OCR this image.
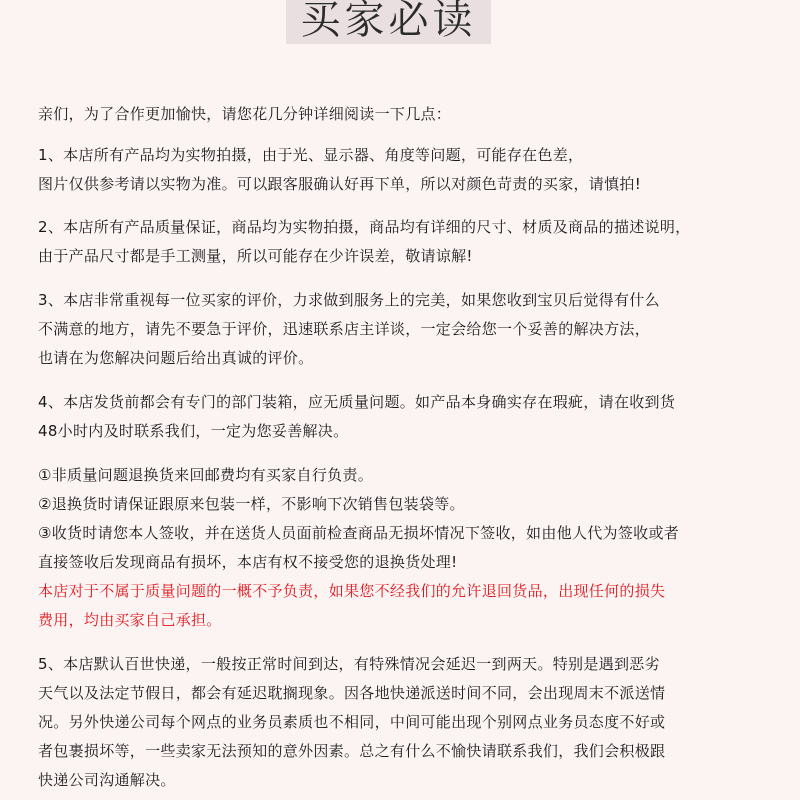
买家必读
亲们，为了合作更加愉快，请您花几分钟详细阅读一下几点：
1、本店所有产品均为实物拍摄，由于光、显示器、角度等问题，可能存在色差，
图片仅供参考请以实物为准。可以跟客服确认好再下单，所以对颜色苛责的买家，请慎拍!
2、本店所有产品质量保证，商品均为实物拍摄，商品均有详细的尺寸、材质及商品的描述说明，
由于产品尺寸都是手工测量，所以可能存在少许误差，敬请谅解!
3、本店非常重视每一位买家的评价，力求做到服务上的完美，如果您收到宝贝后觉得有什么
不满意的地方，请先不要急于评价，迅速联系店主详谈，一定会给您一个妥善的解决方法，
也请在为您解决问题后给出真诚的评价。
4、本店发货前都会有专门的部门装箱，应无质量问题。如产品本身确实存在瑕疵，请在收到货
48小时内及时联系我们，一定为您妥善解决。
①非质量问题退换货来回邮费均有买家自行负责。
②退换货时请保证跟原来包装一样，不影响下次销售包装袋等。
③收货时请您本人签收，并在送货人员面前检查商品无损坏情况下签收，如由他人代为签收或者
直接签收后发现商品有损坏，本店有权不接受您的退换货处理!
本店对于不属于质量问题的一概不予负责，如果您不经我们的允许退回货品，出现任何的损失
费用，均由买家自己承担。
5、本店默认百世快递，一般按正常时间到达，有特殊情况会延迟一到两天。特别是遇到恶劣
天气以及法定节假日，都会有延迟耽搁现象。因各地快递派送时间不同，会出现周末不派送情
况。另外快递公司每个网点的业务员素质也不相同，中间可能出现个别网点业务员态度不好或
者包裹损坏等，一些卖家无法预知的意外因素。总之有什么不愉快请联系我们，我们会积极跟
快递公司沟通解决。
